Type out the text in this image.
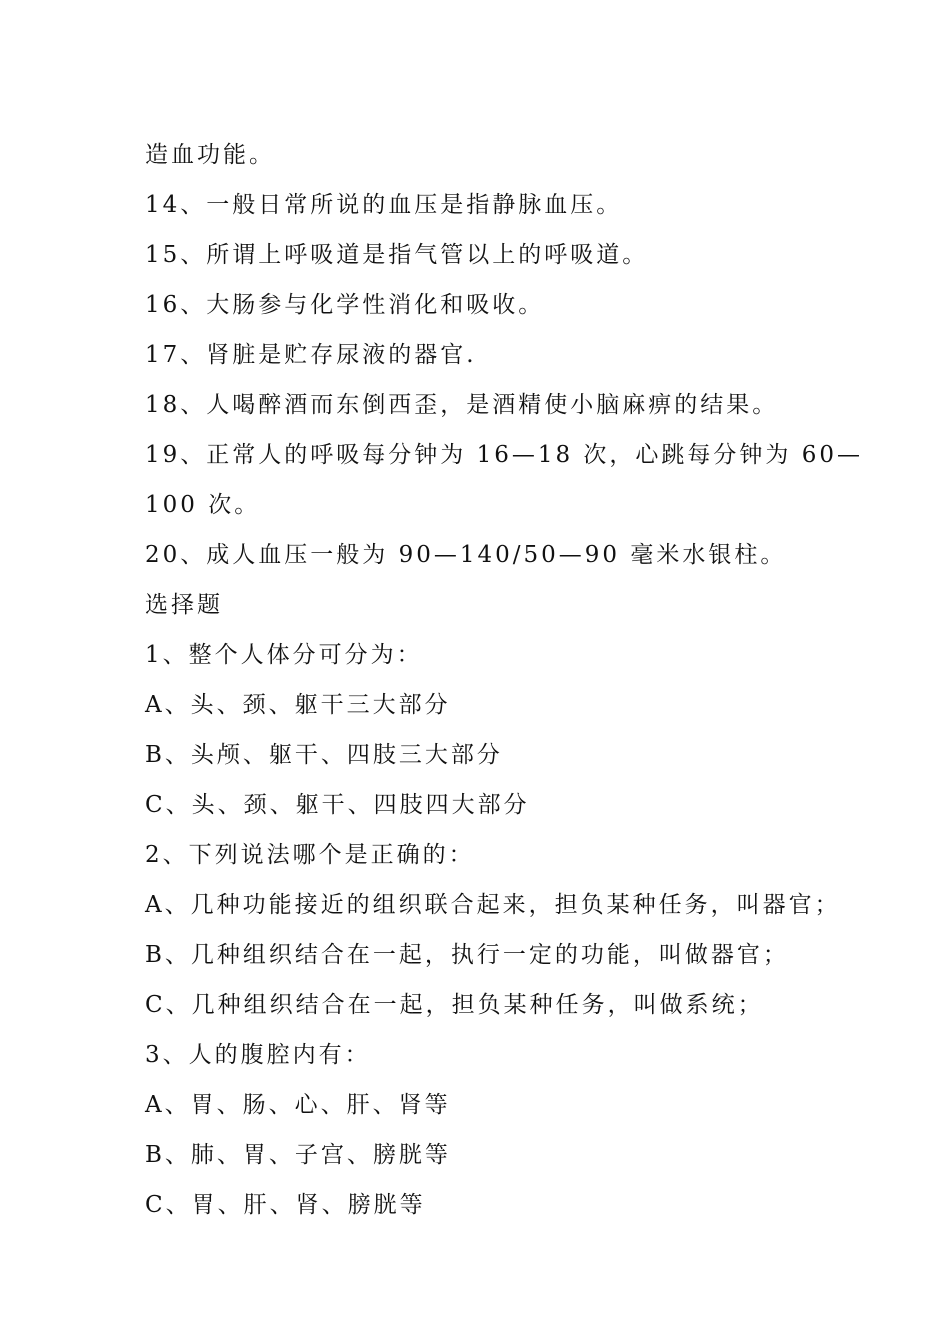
造血功能。
14、一般日常所说的血压是指静脉血压。
15、所谓上呼吸道是指气管以上的呼吸道。
16、大肠参与化学性消化和吸收。
17、肾脏是贮存尿液的器官.
18、人喝醉酒而东倒西歪，是酒精使小脑麻痹的结果。
19、正常人的呼吸每分钟为 16—18 次，心跳每分钟为 60—
100 次。
20、成人血压一般为 90—140/50—90 毫米水银柱。
选择题
1、整个人体分可分为：
A、头、颈、躯干三大部分
B、头颅、躯干、四肢三大部分
C、头、颈、躯干、四肢四大部分
2、下列说法哪个是正确的：
A、几种功能接近的组织联合起来，担负某种任务，叫器官；
B、几种组织结合在一起，执行一定的功能，叫做器官；
C、几种组织结合在一起，担负某种任务，叫做系统；
3、人的腹腔内有：
A、胃、肠、心、肝、肾等
B、肺、胃、子宫、膀胱等
C、胃、肝、肾、膀胱等
